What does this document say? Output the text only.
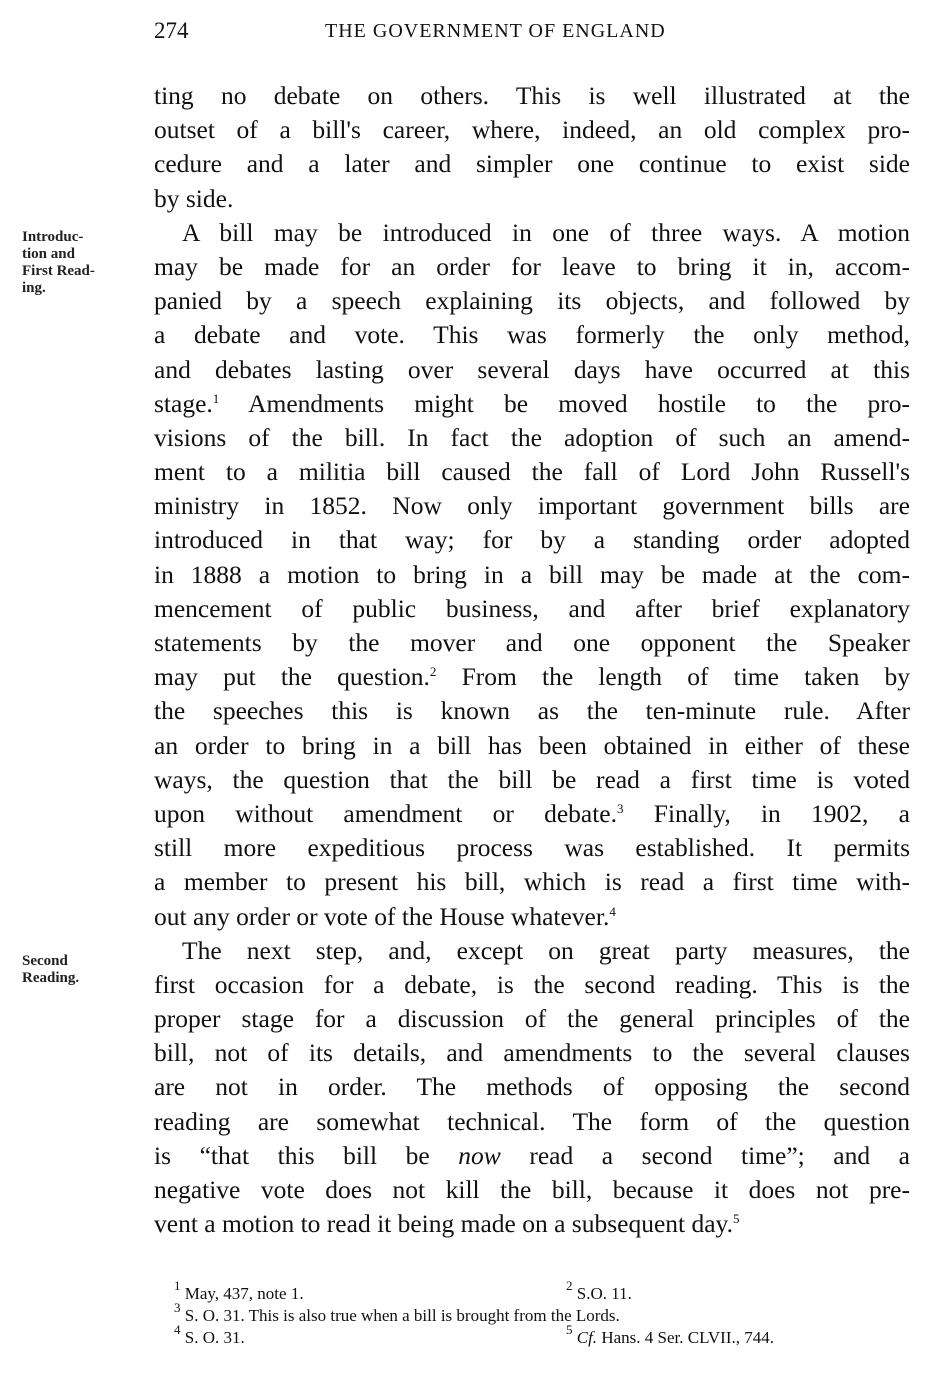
274	THE GOVERNMENT OF ENGLAND
Introduc-
tion and
First Read-
ing.
Second
Reading.
ting no debate on others. This is well illustrated at the
outset of a bill's career, where, indeed, an old complex pro-
cedure and a later and simpler one continue to exist side
by side.
A bill may be introduced in one of three ways. A motion
may be made for an order for leave to bring it in, accom-
panied by a speech explaining its objects, and followed by
a debate and vote. This was formerly the only method,
and debates lasting over several days have occurred at this
stage.$^1$ Amendments might be moved hostile to the pro-
visions of the bill. In fact the adoption of such an amend-
ment to a militia bill caused the fall of Lord John Russell's
ministry in 1852. Now only important government bills are
introduced in that way; for by a standing order adopted
in 1888 a motion to bring in a bill may be made at the com-
mencement of public business, and after brief explanatory
statements by the mover and one opponent the Speaker
may put the question.$^2$ From the length of time taken by
the speeches this is known as the ten-minute rule. After
an order to bring in a bill has been obtained in either of these
ways, the question that the bill be read a first time is voted
upon without amendment or debate.$^3$ Finally, in 1902, a
still more expeditious process was established. It permits
a member to present his bill, which is read a first time with-
out any order or vote of the House whatever.$^4$
The next step, and, except on great party measures, the
first occasion for a debate, is the second reading. This is the
proper stage for a discussion of the general principles of the
bill, not of its details, and amendments to the several clauses
are not in order. The methods of opposing the second
reading are somewhat technical. The form of the question
is “that this bill be now read a second time”; and a
negative vote does not kill the bill, because it does not pre-
vent a motion to read it being made on a subsequent day.$^5$
$^1$ May, 437, note 1.	$^2$ S.O. 11.
$^3$ S. O. 31. This is also true when a bill is brought from the Lords.
$^4$ S. O. 31.	$^5$ Cf. Hans. 4 Ser. CLVII., 744.
